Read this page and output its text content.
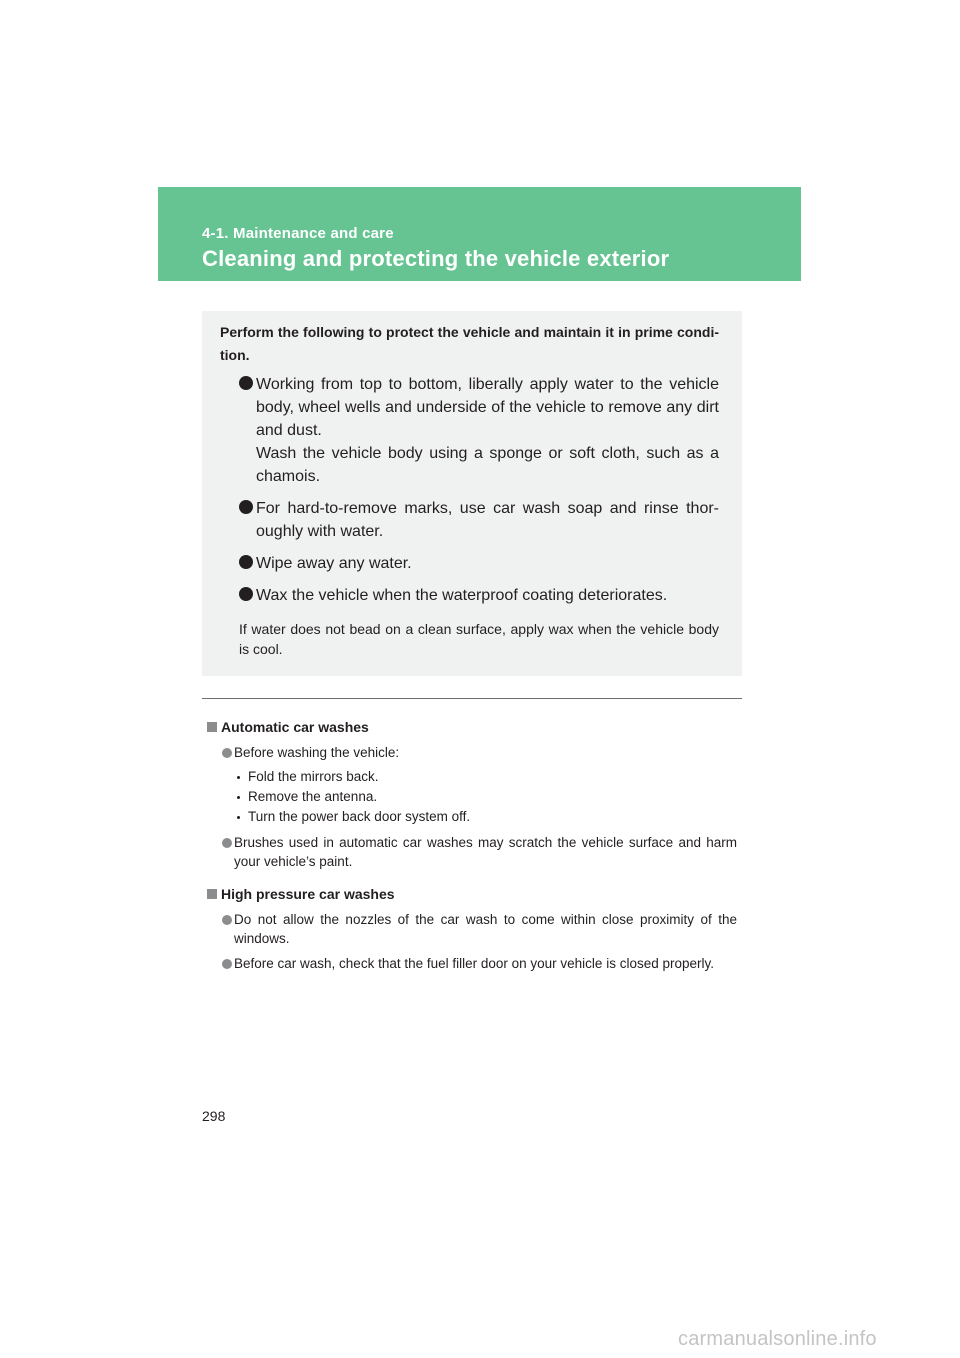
4-1. Maintenance and care
Cleaning and protecting the vehicle exterior

Perform the following to protect the vehicle and maintain it in prime condi-tion.

Working from top to bottom, liberally apply water to the vehicle body, wheel wells and underside of the vehicle to remove any dirt and dust.
Wash the vehicle body using a sponge or soft cloth, such as a chamois.
For hard-to-remove marks, use car wash soap and rinse thor-oughly with water.
Wipe away any water.
Wax the vehicle when the waterproof coating deteriorates.

If water does not bead on a clean surface, apply wax when the vehicle body is cool.

Automatic car washes

Before washing the vehicle:
Fold the mirrors back.
Remove the antenna.
Turn the power back door system off.
Brushes used in automatic car washes may scratch the vehicle surface and harm your vehicle’s paint.

High pressure car washes

Do not allow the nozzles of the car wash to come within close proximity of the windows.
Before car wash, check that the fuel filler door on your vehicle is closed properly.
298
carmanualsonline.info
